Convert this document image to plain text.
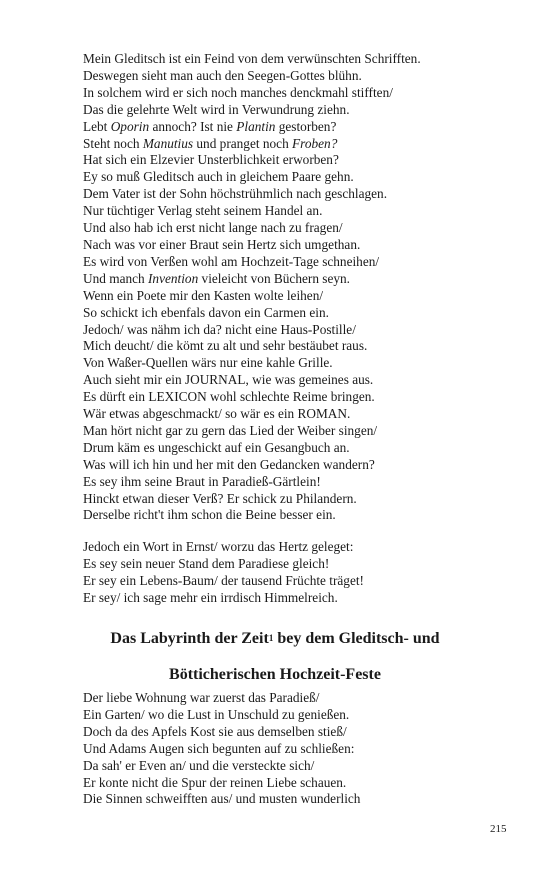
Mein Gleditsch ist ein Feind von dem verwünschten Schrifften.
Deswegen sieht man auch den Seegen-Gottes blühn.
In solchem wird er sich noch manches denckmahl stifften/
Das die gelehrte Welt wird in Verwundrung ziehn.
Lebt Oporin annoch? Ist nie Plantin gestorben?
Steht noch Manutius und pranget noch Froben?
Hat sich ein Elzevier Unsterblichkeit erworben?
Ey so muß Gleditsch auch in gleichem Paare gehn.
Dem Vater ist der Sohn höchstrühmlich nach geschlagen.
Nur tüchtiger Verlag steht seinem Handel an.
Und also hab ich erst nicht lange nach zu fragen/
Nach was vor einer Braut sein Hertz sich umgethan.
Es wird von Verßen wohl am Hochzeit-Tage schneihen/
Und manch Invention vieleicht von Büchern seyn.
Wenn ein Poete mir den Kasten wolte leihen/
So schickt ich ebenfals davon ein Carmen ein.
Jedoch/ was nähm ich da? nicht eine Haus-Postille/
Mich deucht/ die kömt zu alt und sehr bestäubet raus.
Von Waßer-Quellen wärs nur eine kahle Grille.
Auch sieht mir ein JOURNAL, wie was gemeines aus.
Es dürft ein LEXICON wohl schlechte Reime bringen.
Wär etwas abgeschmackt/ so wär es ein ROMAN.
Man hört nicht gar zu gern das Lied der Weiber singen/
Drum käm es ungeschickt auf ein Gesangbuch an.
Was will ich hin und her mit den Gedancken wandern?
Es sey ihm seine Braut in Paradieß-Gärtlein!
Hinckt etwan dieser Verß? Er schick zu Philandern.
Derselbe richt't ihm schon die Beine besser ein.
Jedoch ein Wort in Ernst/ worzu das Hertz geleget:
Es sey sein neuer Stand dem Paradiese gleich!
Er sey ein Lebens-Baum/ der tausend Früchte träget!
Er sey/ ich sage mehr ein irrdisch Himmelreich.
Das Labyrinth der Zeit$^1$ bey dem Gleditsch- und
Bötticherischen Hochzeit-Feste
Der liebe Wohnung war zuerst das Paradieß/
Ein Garten/ wo die Lust in Unschuld zu genießen.
Doch da des Apfels Kost sie aus demselben stieß/
Und Adams Augen sich begunten auf zu schließen:
Da sah' er Even an/ und die versteckte sich/
Er konte nicht die Spur der reinen Liebe schauen.
Die Sinnen schweifften aus/ und musten wunderlich
215
